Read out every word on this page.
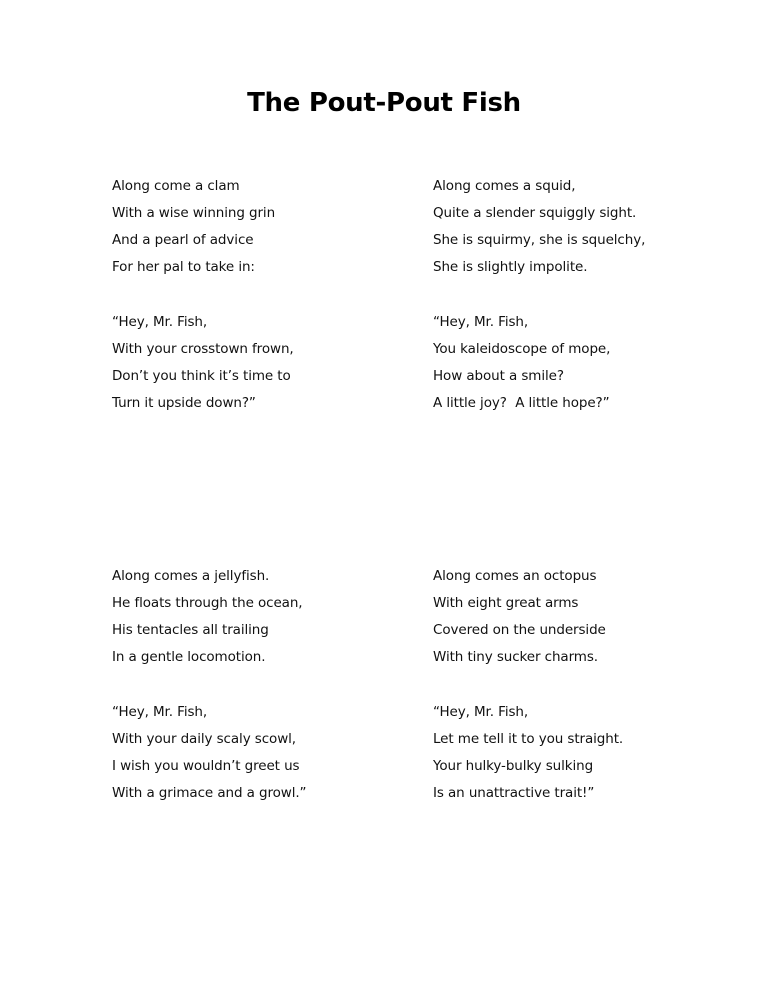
The Pout-Pout Fish
Along come a clam
With a wise winning grin
And a pearl of advice
For her pal to take in:
Along comes a squid,
Quite a slender squiggly sight.
She is squirmy, she is squelchy,
She is slightly impolite.
“Hey, Mr. Fish,
With your crosstown frown,
Don’t you think it’s time to
Turn it upside down?”
“Hey, Mr. Fish,
You kaleidoscope of mope,
How about a smile?
A little joy?  A little hope?”
Along comes a jellyfish.
He floats through the ocean,
His tentacles all trailing
In a gentle locomotion.
Along comes an octopus
With eight great arms
Covered on the underside
With tiny sucker charms.
“Hey, Mr. Fish,
With your daily scaly scowl,
I wish you wouldn’t greet us
With a grimace and a growl.”
“Hey, Mr. Fish,
Let me tell it to you straight.
Your hulky-bulky sulking
Is an unattractive trait!”
